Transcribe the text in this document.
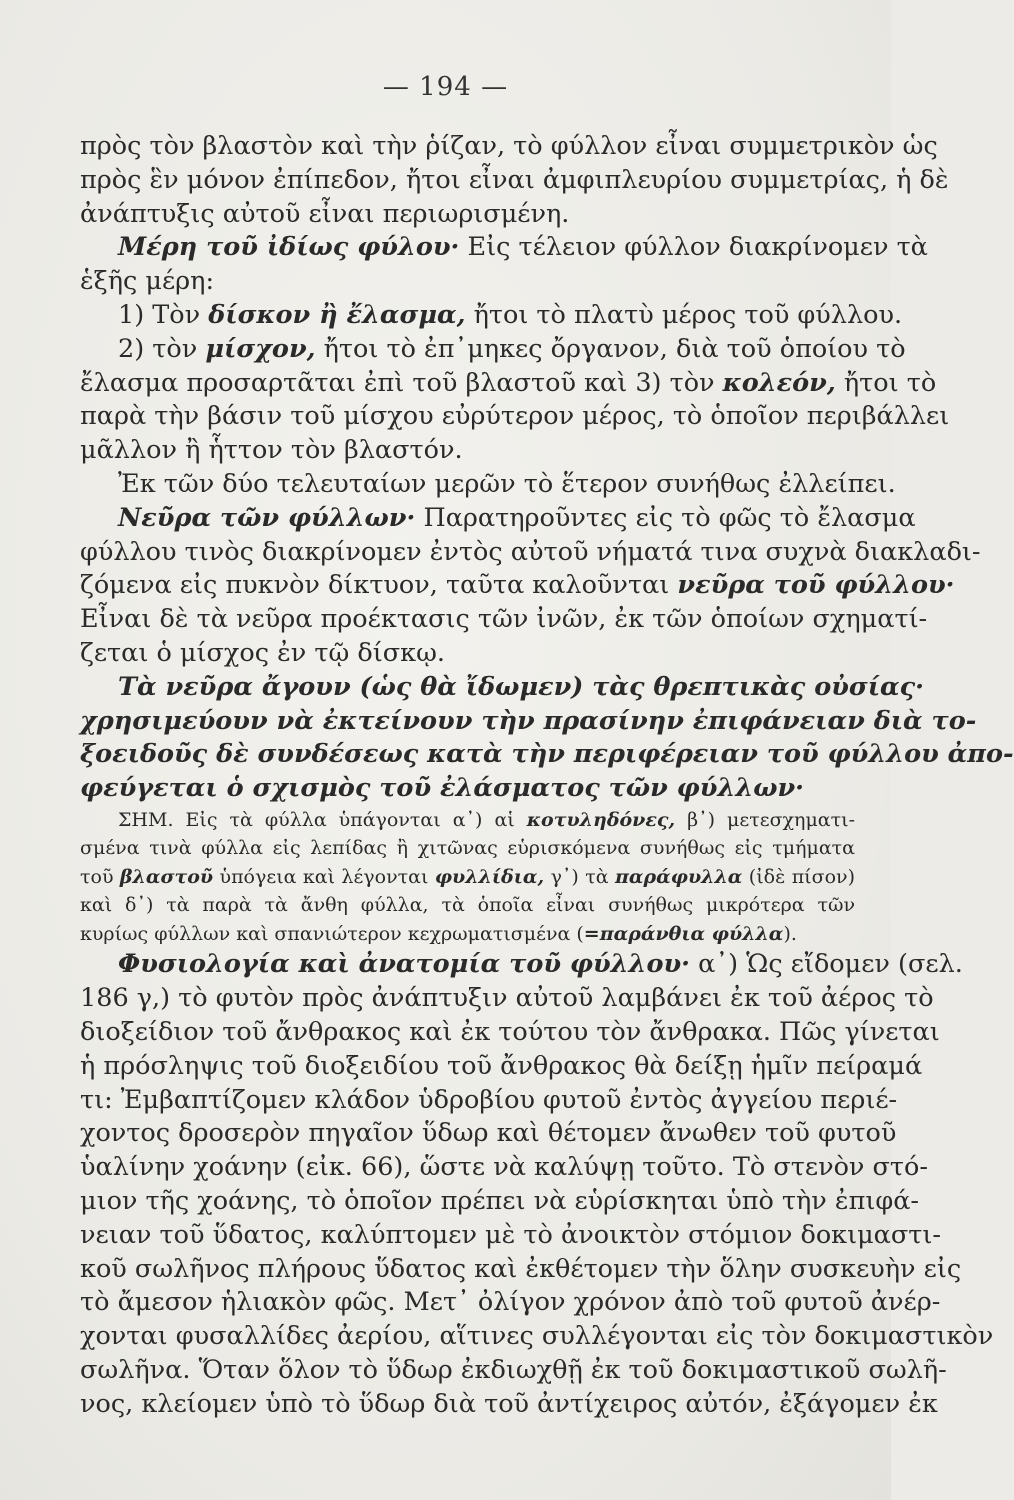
— 194 —
πρὸς τὸν βλαστὸν καὶ τὴν ῥίζαν, τὸ φύλλον εἶναι συμμετρικὸν ὡς
πρὸς ἓν μόνον ἐπίπεδον, ἤτοι εἶναι ἀμφιπλευρίου συμμετρίας, ἡ δὲ
ἀνάπτυξις αὐτοῦ εἶναι περιωρισμένη.
Μέρη τοῦ ἰδίως φύλου· Εἰς τέλειον φύλλον διακρίνομεν τὰ
ἑξῆς μέρη:
1) Τὸν δίσκον ἢ ἔλασμα, ἤτοι τὸ πλατὺ μέρος τοῦ φύλλου.
2) τὸν μίσχον, ἤτοι τὸ ἐπ᾽μηκες ὄργανον, διὰ τοῦ ὁποίου τὸ
ἔλασμα προσαρτᾶται ἐπὶ τοῦ βλαστοῦ καὶ 3) τὸν κολεόν, ἤτοι τὸ
παρὰ τὴν βάσιν τοῦ μίσχου εὐρύτερον μέρος, τὸ ὁποῖον περιβάλλει
μᾶλλον ἢ ἧττον τὸν βλαστόν.
Ἐκ τῶν δύο τελευταίων μερῶν τὸ ἕτερον συνήθως ἐλλείπει.
Νεῦρα τῶν φύλλων· Παρατηροῦντες εἰς τὸ φῶς τὸ ἔλασμα
φύλλου τινὸς διακρίνομεν ἐντὸς αὐτοῦ νήματά τινα συχνὰ διακλαδι-
ζόμενα εἰς πυκνὸν δίκτυον, ταῦτα καλοῦνται νεῦρα τοῦ φύλλου·
Εἶναι δὲ τὰ νεῦρα προέκτασις τῶν ἰνῶν, ἐκ τῶν ὁποίων σχηματί-
ζεται ὁ μίσχος ἐν τῷ δίσκῳ.
Τὰ νεῦρα ἄγουν (ὡς θὰ ἴδωμεν) τὰς θρεπτικὰς οὐσίας·
χρησιμεύουν νὰ ἐκτείνουν τὴν πρασίνην ἐπιφάνειαν διὰ το-
ξοειδοῦς δὲ συνδέσεως κατὰ τὴν περιφέρειαν τοῦ φύλλου ἀπο-
φεύγεται ὁ σχισμὸς τοῦ ἐλάσματος τῶν φύλλων·
ΣΗΜ. Εἰς τὰ φύλλα ὑπάγονται α᾽) αἱ κοτυληδόνες, β᾽) μετεσχηματι-
σμένα τινὰ φύλλα εἰς λεπίδας ἢ χιτῶνας εὑρισκόμενα συνήθως εἰς τμήματα
τοῦ βλαστοῦ ὑπόγεια καὶ λέγονται φυλλίδια, γ᾽) τὰ παράφυλλα (ἰδὲ πίσον)
καὶ δ᾽) τὰ παρὰ τὰ ἄνθη φύλλα, τὰ ὁποῖα εἶναι συνήθως μικρότερα τῶν
κυρίως φύλλων καὶ σπανιώτερον κεχρωματισμένα (=παράνθια φύλλα).
Φυσιολογία καὶ ἀνατομία τοῦ φύλλου· α᾽) Ὡς εἴδομεν (σελ.
186 γ,) τὸ φυτὸν πρὸς ἀνάπτυξιν αὐτοῦ λαμβάνει ἐκ τοῦ ἀέρος τὸ
διοξείδιον τοῦ ἄνθρακος καὶ ἐκ τούτου τὸν ἄνθρακα. Πῶς γίνεται
ἡ πρόσληψις τοῦ διοξειδίου τοῦ ἄνθρακος θὰ δείξῃ ἡμῖν πείραμά
τι: Ἐμβαπτίζομεν κλάδον ὑδροβίου φυτοῦ ἐντὸς ἀγγείου περιέ-
χοντος δροσερὸν πηγαῖον ὕδωρ καὶ θέτομεν ἄνωθεν τοῦ φυτοῦ
ὑαλίνην χοάνην (εἰκ. 66), ὥστε νὰ καλύψῃ τοῦτο. Τὸ στενὸν στό-
μιον τῆς χοάνης, τὸ ὁποῖον πρέπει νὰ εὑρίσκηται ὑπὸ τὴν ἐπιφά-
νειαν τοῦ ὕδατος, καλύπτομεν μὲ τὸ ἀνοικτὸν στόμιον δοκιμαστι-
κοῦ σωλῆνος πλήρους ὕδατος καὶ ἐκθέτομεν τὴν ὅλην συσκευὴν εἰς
τὸ ἄμεσον ἡλιακὸν φῶς. Μετ᾽ ὀλίγον χρόνον ἀπὸ τοῦ φυτοῦ ἀνέρ-
χονται φυσαλλίδες ἀερίου, αἵτινες συλλέγονται εἰς τὸν δοκιμαστικὸν
σωλῆνα. Ὅταν ὅλον τὸ ὕδωρ ἐκδιωχθῇ ἐκ τοῦ δοκιμαστικοῦ σωλῆ-
νος, κλείομεν ὑπὸ τὸ ὕδωρ διὰ τοῦ ἀντίχειρος αὐτόν, ἐξάγομεν ἐκ
